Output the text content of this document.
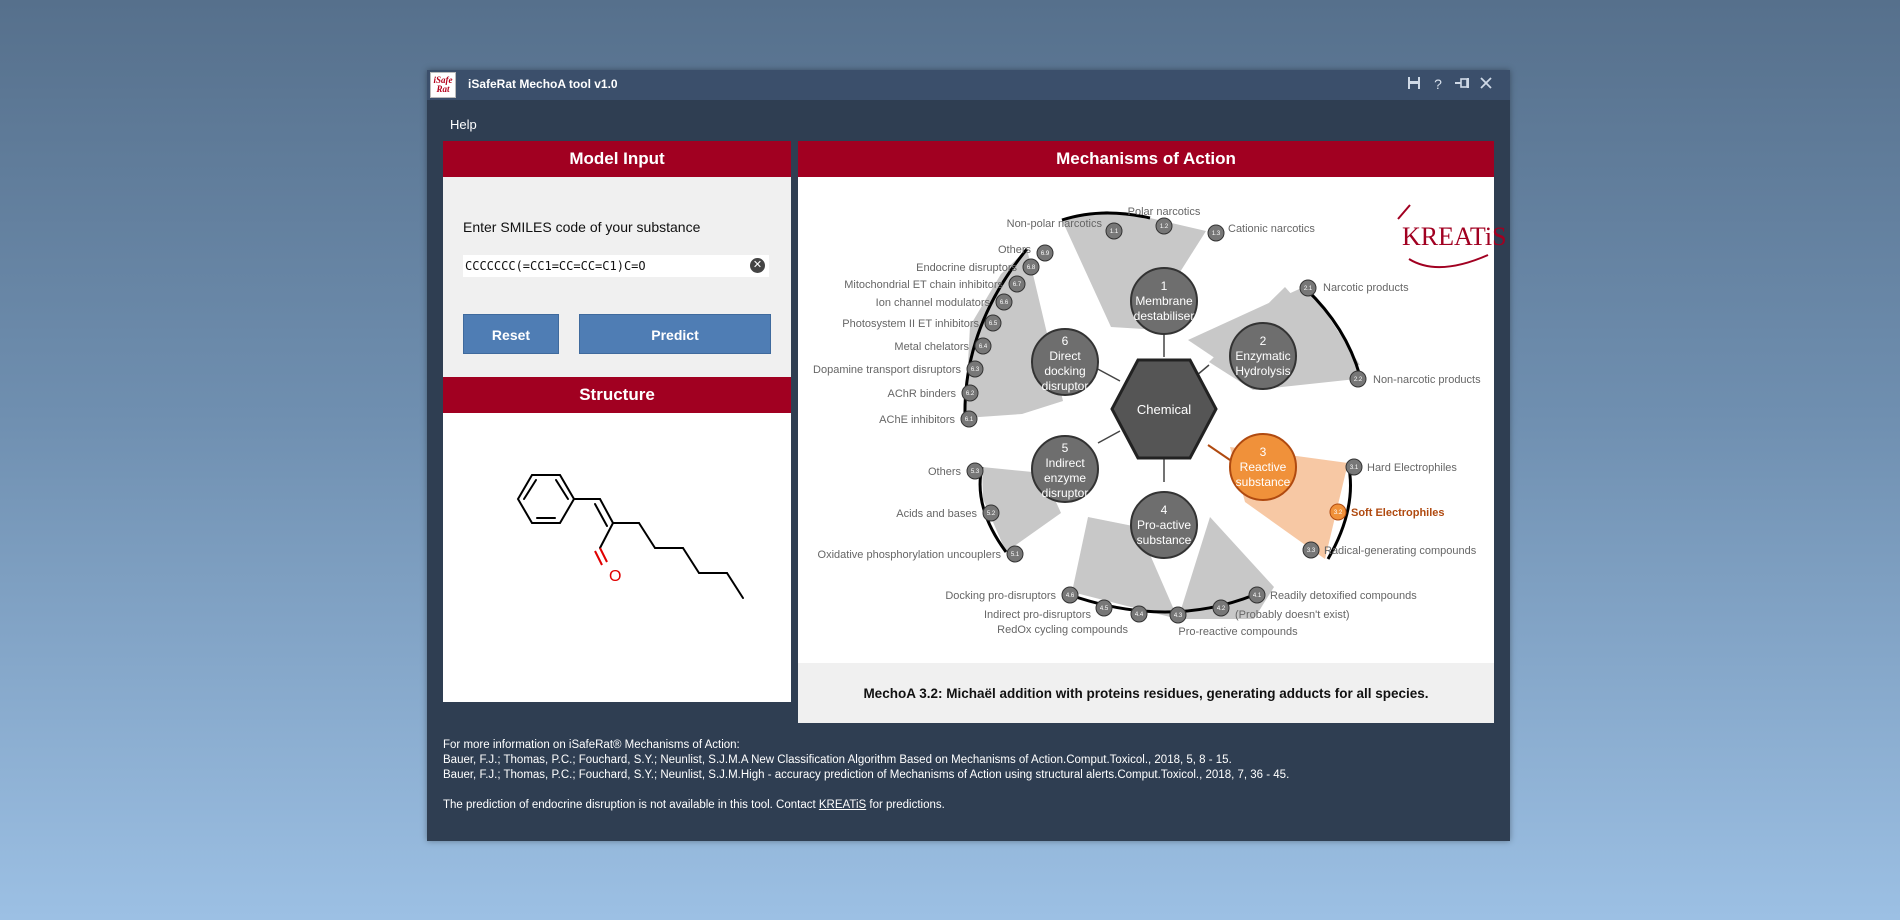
iSafe
Rat	iSafeRat MechoA tool v1.0	?
Help
Model Input
Enter SMILES code of your substance
CCCCCCC(=CC1=CC=CC=C1)C=O
✕
Reset	Predict
Structure
O
Mechanisms of Action
Chemical
1
Membrane
destabiliser
2
Enzymatic
Hydrolysis
3
Reactive
substance
4
Pro-active
substance
5
Indirect
enzyme
disruptor
6
Direct
docking
disruptor
1.1
1.2
1.3
2.1
2.2
3.1
3.2
3.3
4.1
4.2
4.3
4.4
4.5
4.6
5.1
5.2
5.3
6.1
6.2
6.3
6.4
6.5
6.6
6.7
6.8
6.9
Non-polar narcotics
Polar narcotics
Cationic narcotics
Narcotic products
Non-narcotic products
Hard Electrophiles
Soft Electrophiles
Radical-generating compounds
Readily detoxified compounds
(Probably doesn't exist)
Pro-reactive compounds
RedOx cycling compounds
Indirect pro-disruptors
Docking pro-disruptors
Oxidative phosphorylation uncouplers
Acids and bases
Others
AChE inhibitors
AChR binders
Dopamine transport disruptors
Metal chelators
Photosystem II ET inhibitors
Ion channel modulators
Mitochondrial ET chain inhibitors
Endocrine disruptors
Others	KREATiS
MechoA 3.2: Michaël addition with proteins residues, generating adducts for all species.

For more information on iSafeRat® Mechanisms of Action:

Bauer, F.J.; Thomas, P.C.; Fouchard, S.Y.; Neunlist, S.J.M.A New Classification Algorithm Based on Mechanisms of Action.Comput.Toxicol., 2018, 5, 8 - 15.

Bauer, F.J.; Thomas, P.C.; Fouchard, S.Y.; Neunlist, S.J.M.High - accuracy prediction of Mechanisms of Action using structural alerts.Comput.Toxicol., 2018, 7, 36 - 45.

The prediction of endocrine disruption is not available in this tool. Contact KREATiS for predictions.
